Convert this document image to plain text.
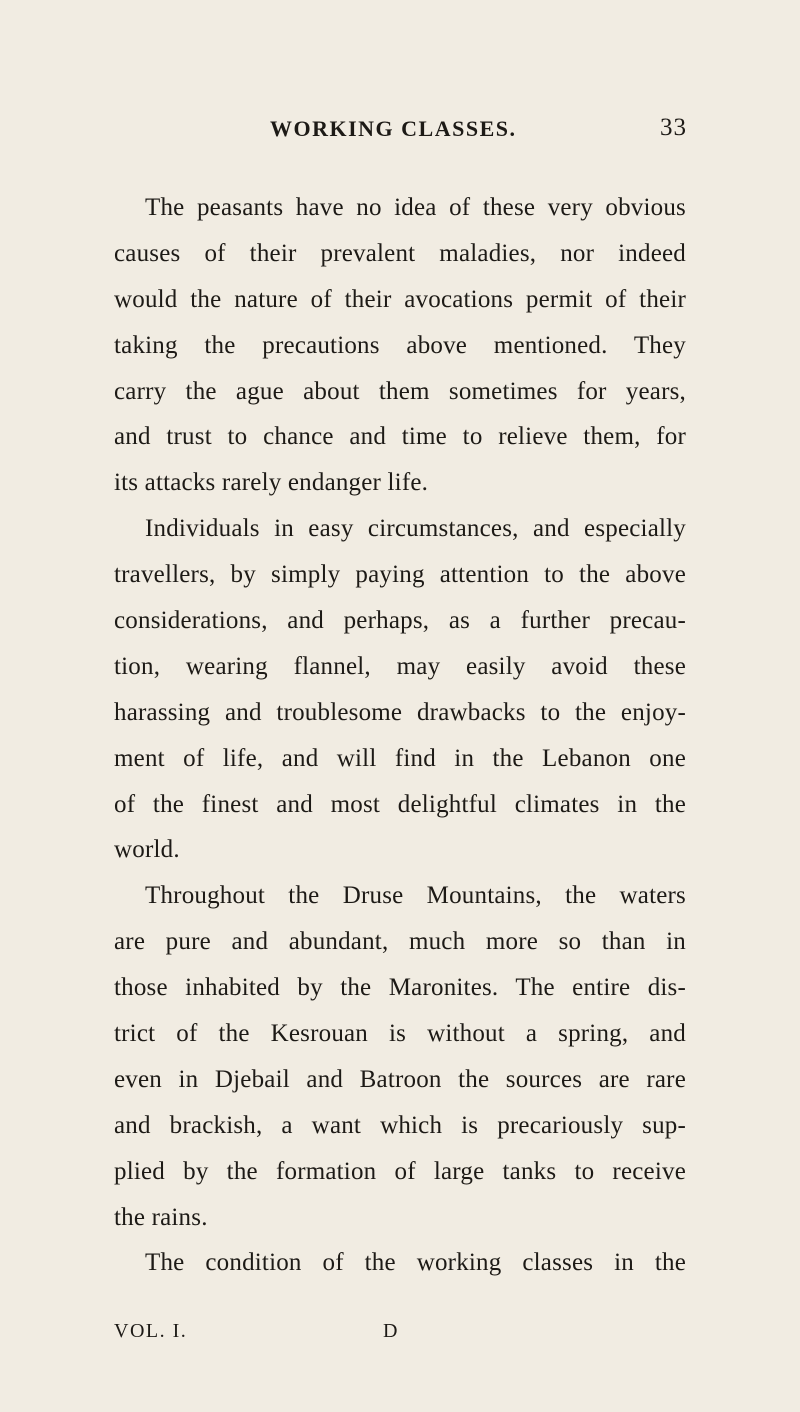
WORKING CLASSES.	33
The peasants have no idea of these very obvious
causes of their prevalent maladies, nor indeed
would the nature of their avocations permit of their
taking the precautions above mentioned. They
carry the ague about them sometimes for years,
and trust to chance and time to relieve them, for
its attacks rarely endanger life.
Individuals in easy circumstances, and especially
travellers, by simply paying attention to the above
considerations, and perhaps, as a further precau-
tion, wearing flannel, may easily avoid these
harassing and troublesome drawbacks to the enjoy-
ment of life, and will find in the Lebanon one
of the finest and most delightful climates in the
world.
Throughout the Druse Mountains, the waters
are pure and abundant, much more so than in
those inhabited by the Maronites. The entire dis-
trict of the Kesrouan is without a spring, and
even in Djebail and Batroon the sources are rare
and brackish, a want which is precariously sup-
plied by the formation of large tanks to receive
the rains.
The condition of the working classes in the
VOL. I.	D
